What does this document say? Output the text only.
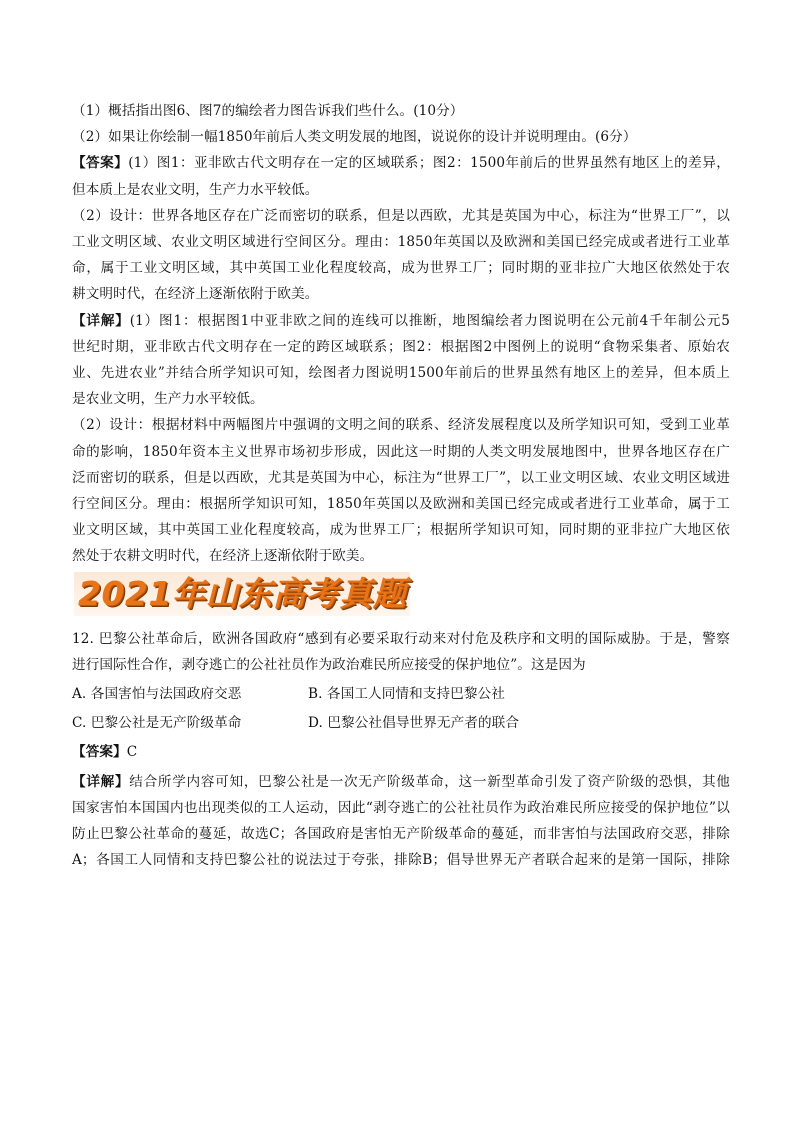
（1）概括指出图6、图7的编绘者力图告诉我们些什么。(10分）
（2）如果让你绘制一幅1850年前后人类文明发展的地图，说说你的设计并说明理由。(6分）
【答案】(1）图1：亚非欧古代文明存在一定的区域联系；图2：1500年前后的世界虽然有地区上的差异，
但本质上是农业文明，生产力水平较低。
（2）设计：世界各地区存在广泛而密切的联系，但是以西欧，尤其是英国为中心，标注为“世界工厂”，以
工业文明区域、农业文明区域进行空间区分。理由：1850年英国以及欧洲和美国已经完成或者进行工业革
命，属于工业文明区域，其中英国工业化程度较高，成为世界工厂；同时期的亚非拉广大地区依然处于农
耕文明时代，在经济上逐渐依附于欧美。
【详解】(1）图1：根据图1中亚非欧之间的连线可以推断，地图编绘者力图说明在公元前4千年制公元5
世纪时期，亚非欧古代文明存在一定的跨区域联系；图2：根据图2中图例上的说明“食物采集者、原始农
业、先进农业”并结合所学知识可知，绘图者力图说明1500年前后的世界虽然有地区上的差异，但本质上
是农业文明，生产力水平较低。
（2）设计：根据材料中两幅图片中强调的文明之间的联系、经济发展程度以及所学知识可知，受到工业革
命的影响，1850年资本主义世界市场初步形成，因此这一时期的人类文明发展地图中，世界各地区存在广
泛而密切的联系，但是以西欧，尤其是英国为中心，标注为“世界工厂”，以工业文明区域、农业文明区域进
行空间区分。理由：根据所学知识可知，1850年英国以及欧洲和美国已经完成或者进行工业革命，属于工
业文明区域，其中英国工业化程度较高，成为世界工厂；根据所学知识可知，同时期的亚非拉广大地区依
然处于农耕文明时代，在经济上逐渐依附于欧美。
2021年山东高考真题
12. 巴黎公社革命后，欧洲各国政府“感到有必要采取行动来对付危及秩序和文明的国际威胁。于是，警察
进行国际性合作，剥夺逃亡的公社社员作为政治难民所应接受的保护地位”。这是因为
A. 各国害怕与法国政府交恶	B. 各国工人同情和支持巴黎公社
C. 巴黎公社是无产阶级革命	D. 巴黎公社倡导世界无产者的联合
【答案】C
【详解】结合所学内容可知，巴黎公社是一次无产阶级革命，这一新型革命引发了资产阶级的恐惧，其他
国家害怕本国国内也出现类似的工人运动，因此“剥夺逃亡的公社社员作为政治难民所应接受的保护地位”以
防止巴黎公社革命的蔓延，故选C；各国政府是害怕无产阶级革命的蔓延，而非害怕与法国政府交恶，排除
A；各国工人同情和支持巴黎公社的说法过于夸张，排除B；倡导世界无产者联合起来的是第一国际，排除
